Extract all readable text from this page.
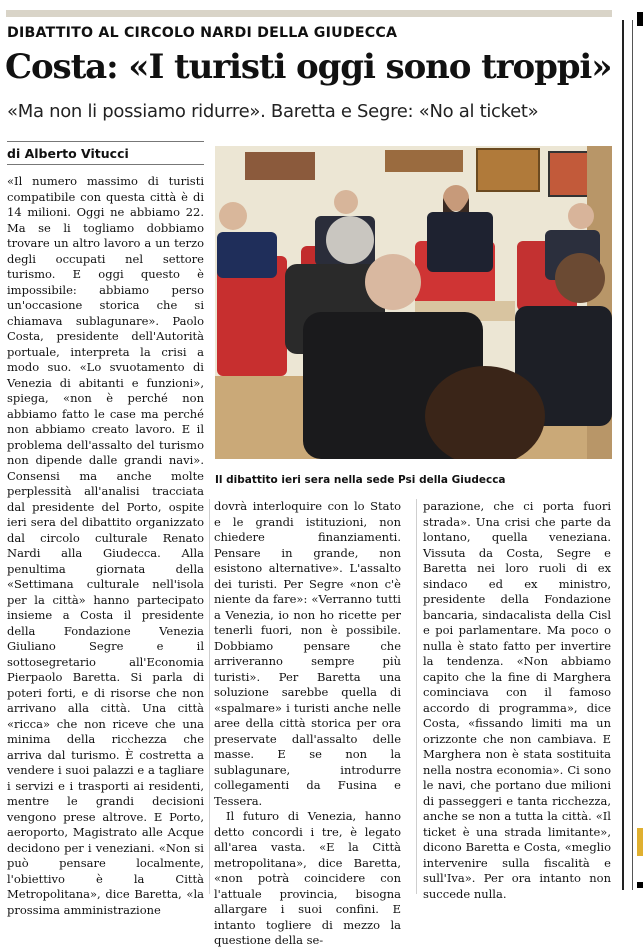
DIBATTITO AL CIRCOLO NARDI DELLA GIUDECCA
Costa: «I turisti oggi sono troppi»
«Ma non li possiamo ridurre». Baretta e Segre: «No al ticket»
di Alberto Vitucci
Il dibattito ieri sera nella sede Psi della Giudecca

«Il numero massimo di turisti compatibile con questa città è di 14 milioni. Oggi ne abbiamo 22. Ma se li togliamo dobbiamo trovare un altro lavoro a un terzo degli occupati nel settore turismo. E oggi questo è impossibile: abbiamo perso un'occasione storica che si chiamava sublagunare». Paolo Costa, presidente dell'Autorità portuale, interpreta la crisi a modo suo. «Lo svuotamento di Venezia di abitanti e funzioni», spiega, «non è perché non abbiamo fatto le case ma perché non abbiamo creato lavoro. E il problema dell'assalto del turismo non dipende dalle grandi navi». Consensi ma anche molte perplessità all'analisi tracciata dal presidente del Porto, ospite ieri sera del dibattito organizzato dal circolo culturale Renato Nardi alla Giudecca. Alla penultima giornata della «Settimana culturale nell'isola per la città» hanno partecipato insieme a Costa il presidente della Fondazione Venezia Giuliano Segre e il sottosegretario all'Economia Pierpaolo Baretta. Si parla di poteri forti, e di risorse che non arrivano alla città. Una città «ricca» che non riceve che una minima della ricchezza che arriva dal turismo. È costretta a vendere i suoi palazzi e a tagliare i servizi e i trasporti ai residenti, mentre le grandi decisioni vengono prese altrove. E Porto, aeroporto, Magistrato alle Acque decidono per i veneziani. «Non si può pensare localmente, l'obiettivo è la Città Metropolitana», dice Baretta, «la prossima amministrazione

dovrà interloquire con lo Stato e le grandi istituzioni, non chiedere finanziamenti. Pensare in grande, non esistono alternative». L'assalto dei turisti. Per Segre «non c'è niente da fare»: «Verranno tutti a Venezia, io non ho ricette per tenerli fuori, non è possibile. Dobbiamo pensare che arriveranno sempre più turisti». Per Baretta una soluzione sarebbe quella di «spalmare» i turisti anche nelle aree della città storica per ora preservate dall'assalto delle masse. E se non la sublagunare, introdurre collegamenti da Fusina e Tessera.

Il futuro di Venezia, hanno detto concordi i tre, è legato all'area vasta. «E la Città metropolitana», dice Baretta, «non potrà coincidere con l'attuale provincia, bisogna allargare i suoi confini. E intanto togliere di mezzo la questione della se-

parazione, che ci porta fuori strada». Una crisi che parte da lontano, quella veneziana. Vissuta da Costa, Segre e Baretta nei loro ruoli di ex sindaco ed ex ministro, presidente della Fondazione bancaria, sindacalista della Cisl e poi parlamentare. Ma poco o nulla è stato fatto per invertire la tendenza. «Non abbiamo capito che la fine di Marghera cominciava con il famoso accordo di programma», dice Costa, «fissando limiti ma un orizzonte che non cambiava. E Marghera non è stata sostituita nella nostra economia». Ci sono le navi, che portano due milioni di passeggeri e tanta ricchezza, anche se non a tutta la città. «Il ticket è una strada limitante», dicono Baretta e Costa, «meglio intervenire sulla fiscalità e sull'Iva». Per ora intanto non succede nulla.
